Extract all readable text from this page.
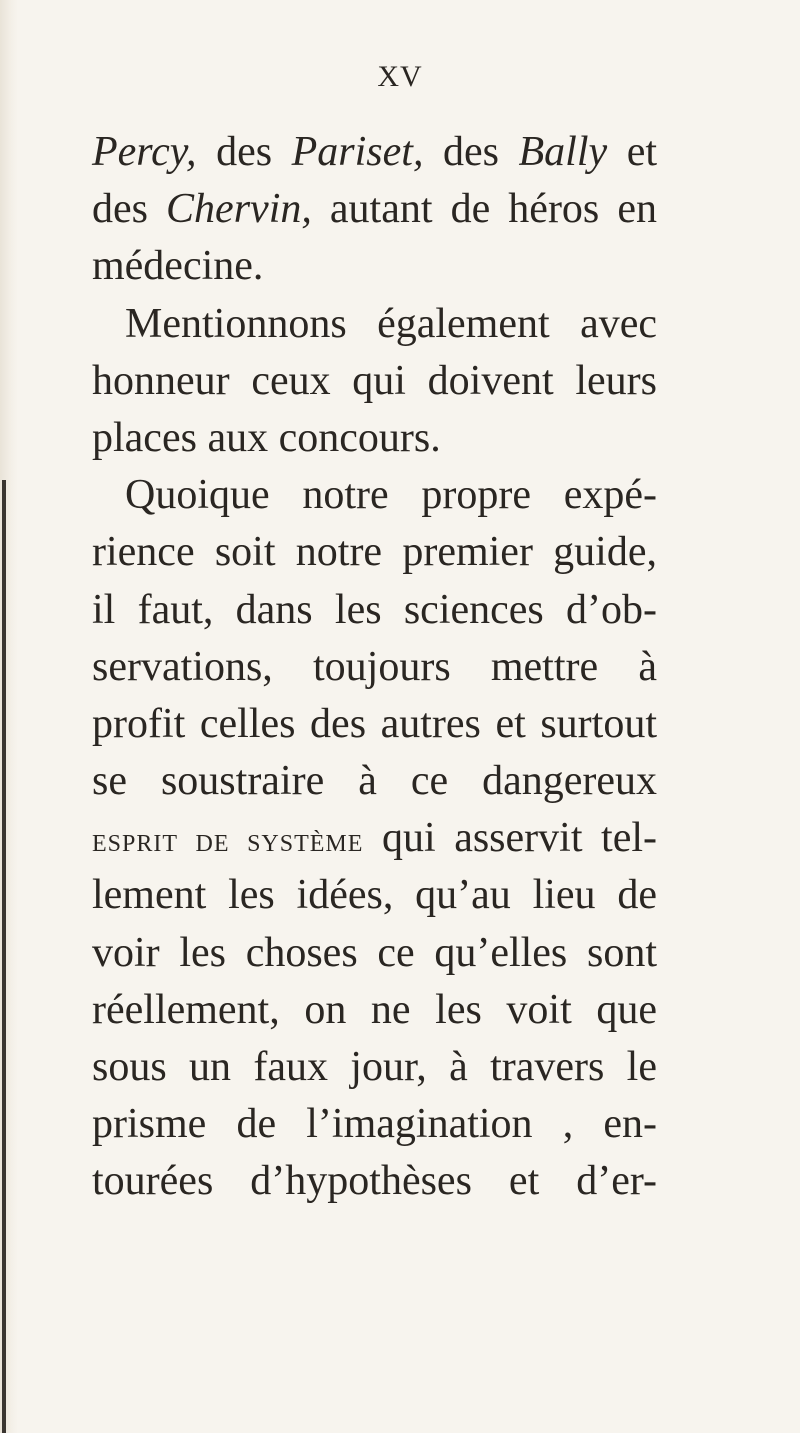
XV
Percy, des Pariset, des Bally et
des Chervin, autant de héros en
médecine.
Mentionnons également avec
honneur ceux qui doivent leurs
places aux concours.
Quoique notre propre expé-
rience soit notre premier guide,
il faut, dans les sciences d’ob-
servations, toujours mettre à
profit celles des autres et surtout
se soustraire à ce dangereux
esprit de système qui asservit tel-
lement les idées, qu’au lieu de
voir les choses ce qu’elles sont
réellement, on ne les voit que
sous un faux jour, à travers le
prisme de l’imagination , en-
tourées d’hypothèses et d’er-
